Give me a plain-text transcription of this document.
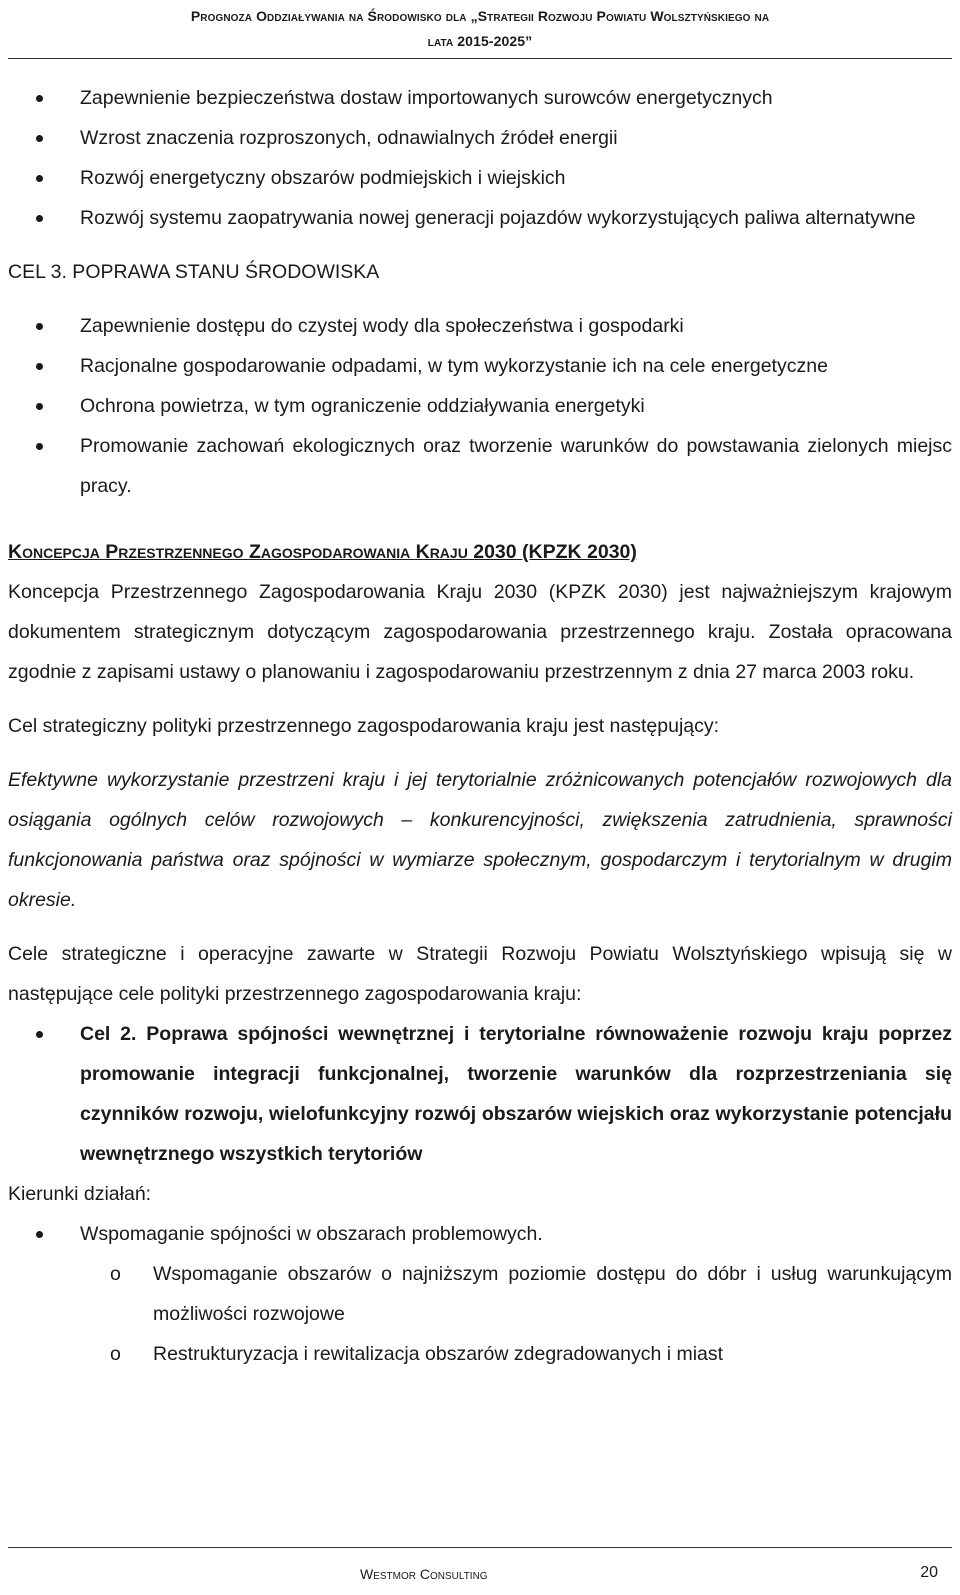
Prognoza Oddziaływania na Środowisko dla „Strategii Rozwoju Powiatu Wolsztyńskiego na
lata 2015-2025”
Zapewnienie bezpieczeństwa dostaw importowanych surowców energetycznych
Wzrost znaczenia rozproszonych, odnawialnych źródeł energii
Rozwój energetyczny obszarów podmiejskich i wiejskich
Rozwój systemu zaopatrywania nowej generacji pojazdów wykorzystujących paliwa alternatywne
CEL 3. POPRAWA STANU ŚRODOWISKA
Zapewnienie dostępu do czystej wody dla społeczeństwa i gospodarki
Racjonalne gospodarowanie odpadami, w tym wykorzystanie ich na cele energetyczne
Ochrona powietrza, w tym ograniczenie oddziaływania energetyki
Promowanie zachowań ekologicznych oraz tworzenie warunków do powstawania zielonych miejsc pracy.
Koncepcja Przestrzennego Zagospodarowania Kraju 2030 (KPZK 2030)

Koncepcja Przestrzennego Zagospodarowania Kraju 2030 (KPZK 2030) jest najważniejszym krajowym dokumentem strategicznym dotyczącym zagospodarowania przestrzennego kraju. Została opracowana zgodnie z zapisami ustawy o planowaniu i zagospodarowaniu przestrzennym z dnia 27 marca 2003 roku.

Cel strategiczny polityki przestrzennego zagospodarowania kraju jest następujący:

Efektywne wykorzystanie przestrzeni kraju i jej terytorialnie zróżnicowanych potencjałów rozwojowych dla osiągania ogólnych celów rozwojowych – konkurencyjności, zwiększenia zatrudnienia, sprawności funkcjonowania państwa oraz spójności w wymiarze społecznym, gospodarczym i terytorialnym w drugim okresie.

Cele strategiczne i operacyjne zawarte w Strategii Rozwoju Powiatu Wolsztyńskiego wpisują się w następujące cele polityki przestrzennego zagospodarowania kraju:

Cel 2. Poprawa spójności wewnętrznej i terytorialne równoważenie rozwoju kraju poprzez promowanie integracji funkcjonalnej, tworzenie warunków dla rozprzestrzeniania się czynników rozwoju, wielofunkcyjny rozwój obszarów wiejskich oraz wykorzystanie potencjału wewnętrznego wszystkich terytoriów

Kierunki działań:

Wspomaganie spójności w obszarach problemowych.
o Wspomaganie obszarów o najniższym poziomie dostępu do dóbr i usług warunkującym możliwości rozwojowe
o Restrukturyzacja i rewitalizacja obszarów zdegradowanych i miast
Westmor Consulting	20
